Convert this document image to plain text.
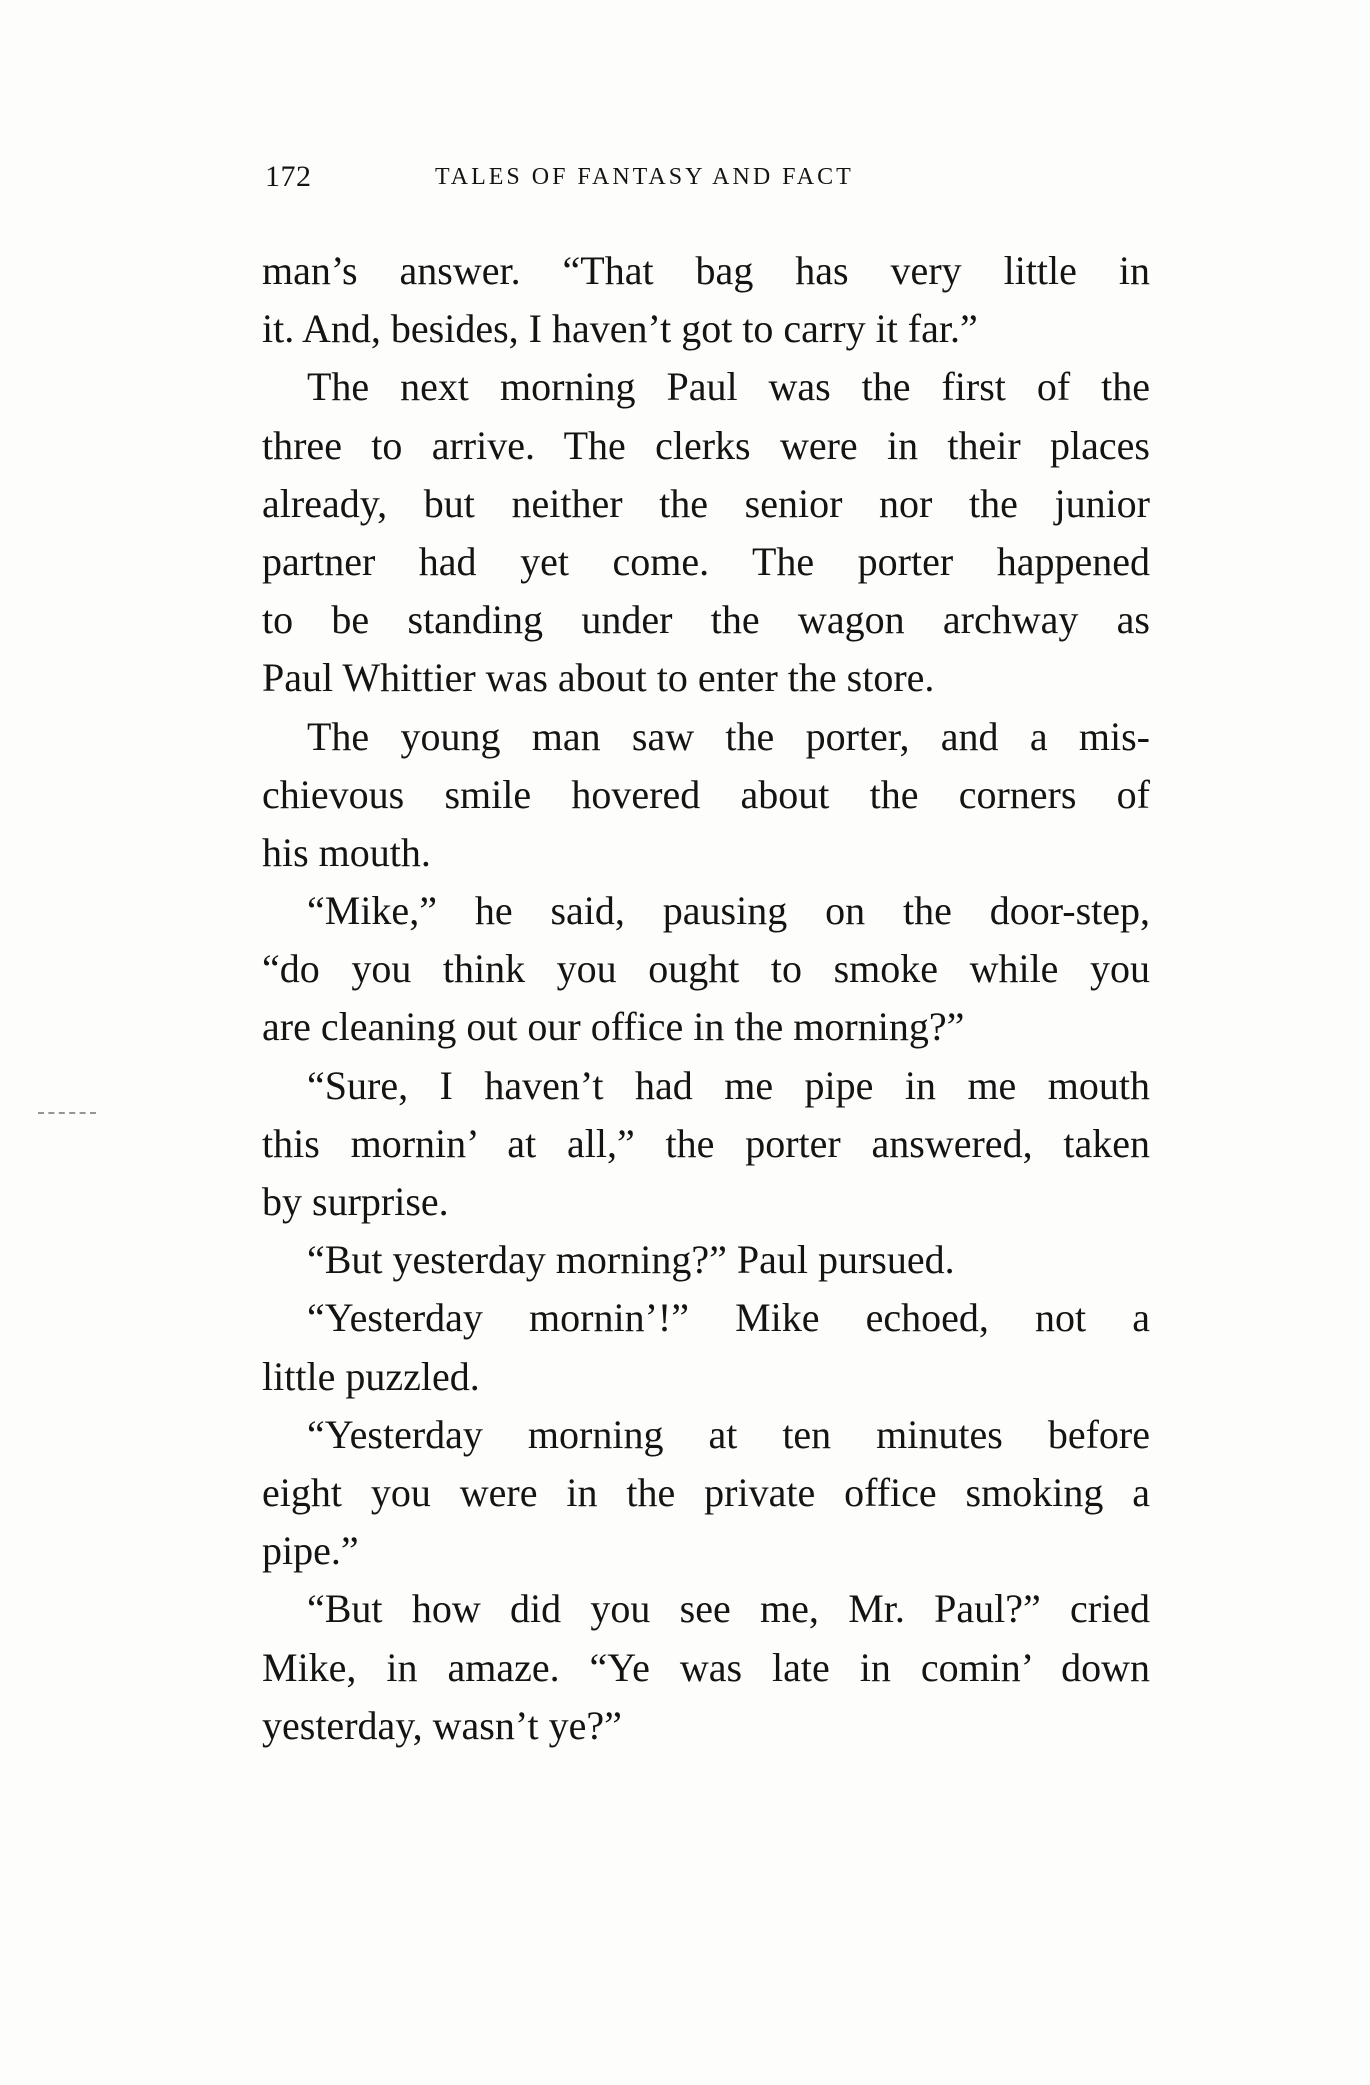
172	TALES OF FANTASY AND FACT
man’s answer. “That bag has very little in
it. And, besides, I haven’t got to carry it far.”
The next morning Paul was the first of the
three to arrive. The clerks were in their places
already, but neither the senior nor the junior
partner had yet come. The porter happened
to be standing under the wagon archway as
Paul Whittier was about to enter the store.
The young man saw the porter, and a mis-
chievous smile hovered about the corners of
his mouth.
“Mike,” he said, pausing on the door-step,
“do you think you ought to smoke while you
are cleaning out our office in the morning?”
“Sure, I haven’t had me pipe in me mouth
this mornin’ at all,” the porter answered, taken
by surprise.
“But yesterday morning?” Paul pursued.
“Yesterday mornin’!” Mike echoed, not a
little puzzled.
“Yesterday morning at ten minutes before
eight you were in the private office smoking a
pipe.”
“But how did you see me, Mr. Paul?” cried
Mike, in amaze. “Ye was late in comin’ down
yesterday, wasn’t ye?”
